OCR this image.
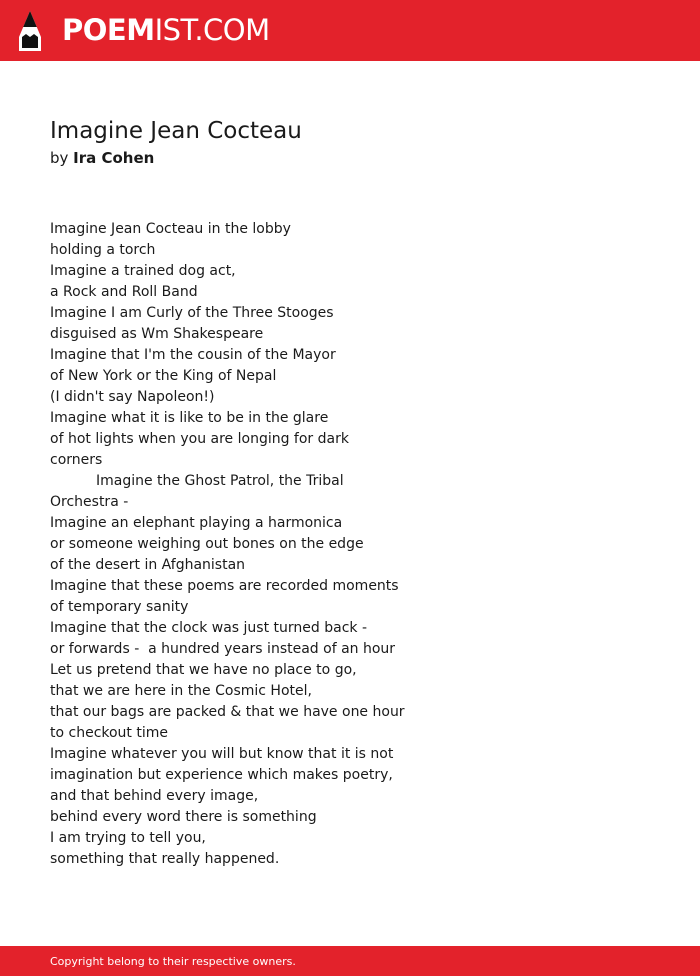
POEMIST.COM
Imagine Jean Cocteau
by Ira Cohen
Imagine Jean Cocteau in the lobby
holding a torch
Imagine a trained dog act,
a Rock and Roll Band
Imagine I am Curly of the Three Stooges
disguised as Wm Shakespeare
Imagine that I'm the cousin of the Mayor
of New York or the King of Nepal
(I didn't say Napoleon!)
Imagine what it is like to be in the glare
of hot lights when you are longing for dark
corners
Imagine the Ghost Patrol, the Tribal
Orchestra -
Imagine an elephant playing a harmonica
or someone weighing out bones on the edge
of the desert in Afghanistan
Imagine that these poems are recorded moments
of temporary sanity
Imagine that the clock was just turned back -
or forwards -  a hundred years instead of an hour
Let us pretend that we have no place to go,
that we are here in the Cosmic Hotel,
that our bags are packed & that we have one hour
to checkout time
Imagine whatever you will but know that it is not
imagination but experience which makes poetry,
and that behind every image,
behind every word there is something
I am trying to tell you,
something that really happened.
Copyright belong to their respective owners.
